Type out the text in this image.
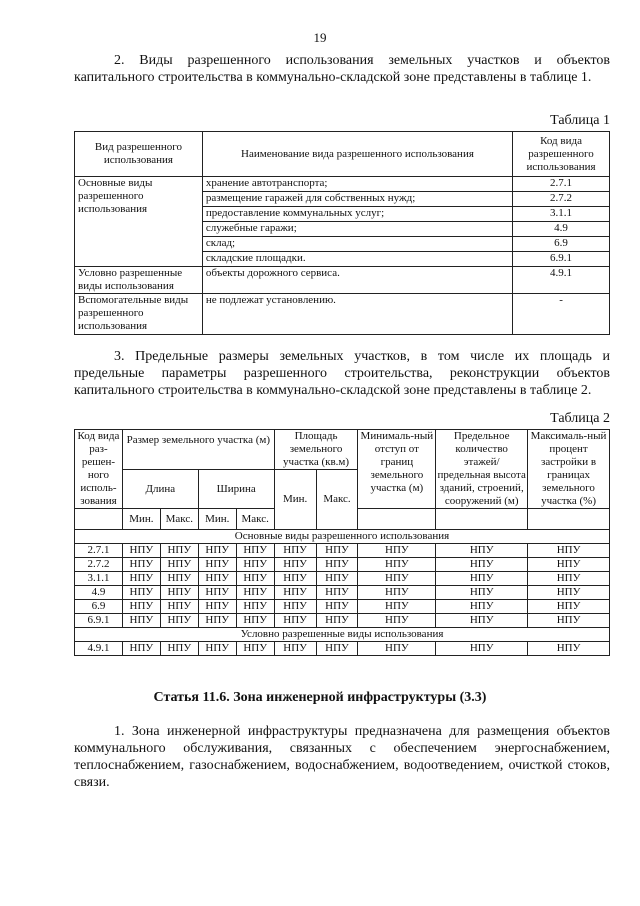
19

2. Виды разрешенного использования земельных участков и объектов капитального строительства в коммунально-складской зоне представлены в таблице 1.

Таблица 1
Вид разрешенного использования	Наименование вида разрешенного использования	Код вида разрешенного использования
Основные виды разрешенного использования	хранение автотранспорта;	2.7.1
	размещение гаражей для собственных нужд;	2.7.2
	предоставление коммунальных услуг;	3.1.1
	служебные гаражи;	4.9
	склад;	6.9
	складские площадки.	6.9.1
Условно разрешенные виды использования	объекты дорожного сервиса.	4.9.1
Вспомогательные виды разрешенного использования	не подлежат установлению.	-

3. Предельные размеры земельных участков, в том числе их площадь и предельные параметры разрешенного строительства, реконструкции объектов капитального строительства в коммунально-складской зоне представлены в таблице 2.

Таблица 2
Код вида раз-решен-ного исполь-зования	Размер земельного участка (м)				Площадь земельного участка (кв.м)		Минималь-ный отступ от границ земельного участка (м)	Предельное количество этажей/ предельная высота зданий, строений, сооружений (м)	Максималь-ный процент застройки в границах земельного участка (%)

	Длина		Ширина		Мин.	Макс.			
	Мин.	Макс.	Мин.	Макс.					
Основные виды разрешенного использования									
2.7.1	НПУ	НПУ	НПУ	НПУ	НПУ	НПУ	НПУ	НПУ	НПУ
2.7.2	НПУ	НПУ	НПУ	НПУ	НПУ	НПУ	НПУ	НПУ	НПУ
3.1.1	НПУ	НПУ	НПУ	НПУ	НПУ	НПУ	НПУ	НПУ	НПУ
4.9	НПУ	НПУ	НПУ	НПУ	НПУ	НПУ	НПУ	НПУ	НПУ
6.9	НПУ	НПУ	НПУ	НПУ	НПУ	НПУ	НПУ	НПУ	НПУ
6.9.1	НПУ	НПУ	НПУ	НПУ	НПУ	НПУ	НПУ	НПУ	НПУ
Условно разрешенные виды использования									
4.9.1	НПУ	НПУ	НПУ	НПУ	НПУ	НПУ	НПУ	НПУ	НПУ
Статья 11.6. Зона инженерной инфраструктуры (3.3)

1. Зона инженерной инфраструктуры предназначена для размещения объектов коммунального обслуживания, связанных с обеспечением энергоснабжением, теплоснабжением, газоснабжением, водоснабжением, водоотведением, очисткой стоков, связи.
